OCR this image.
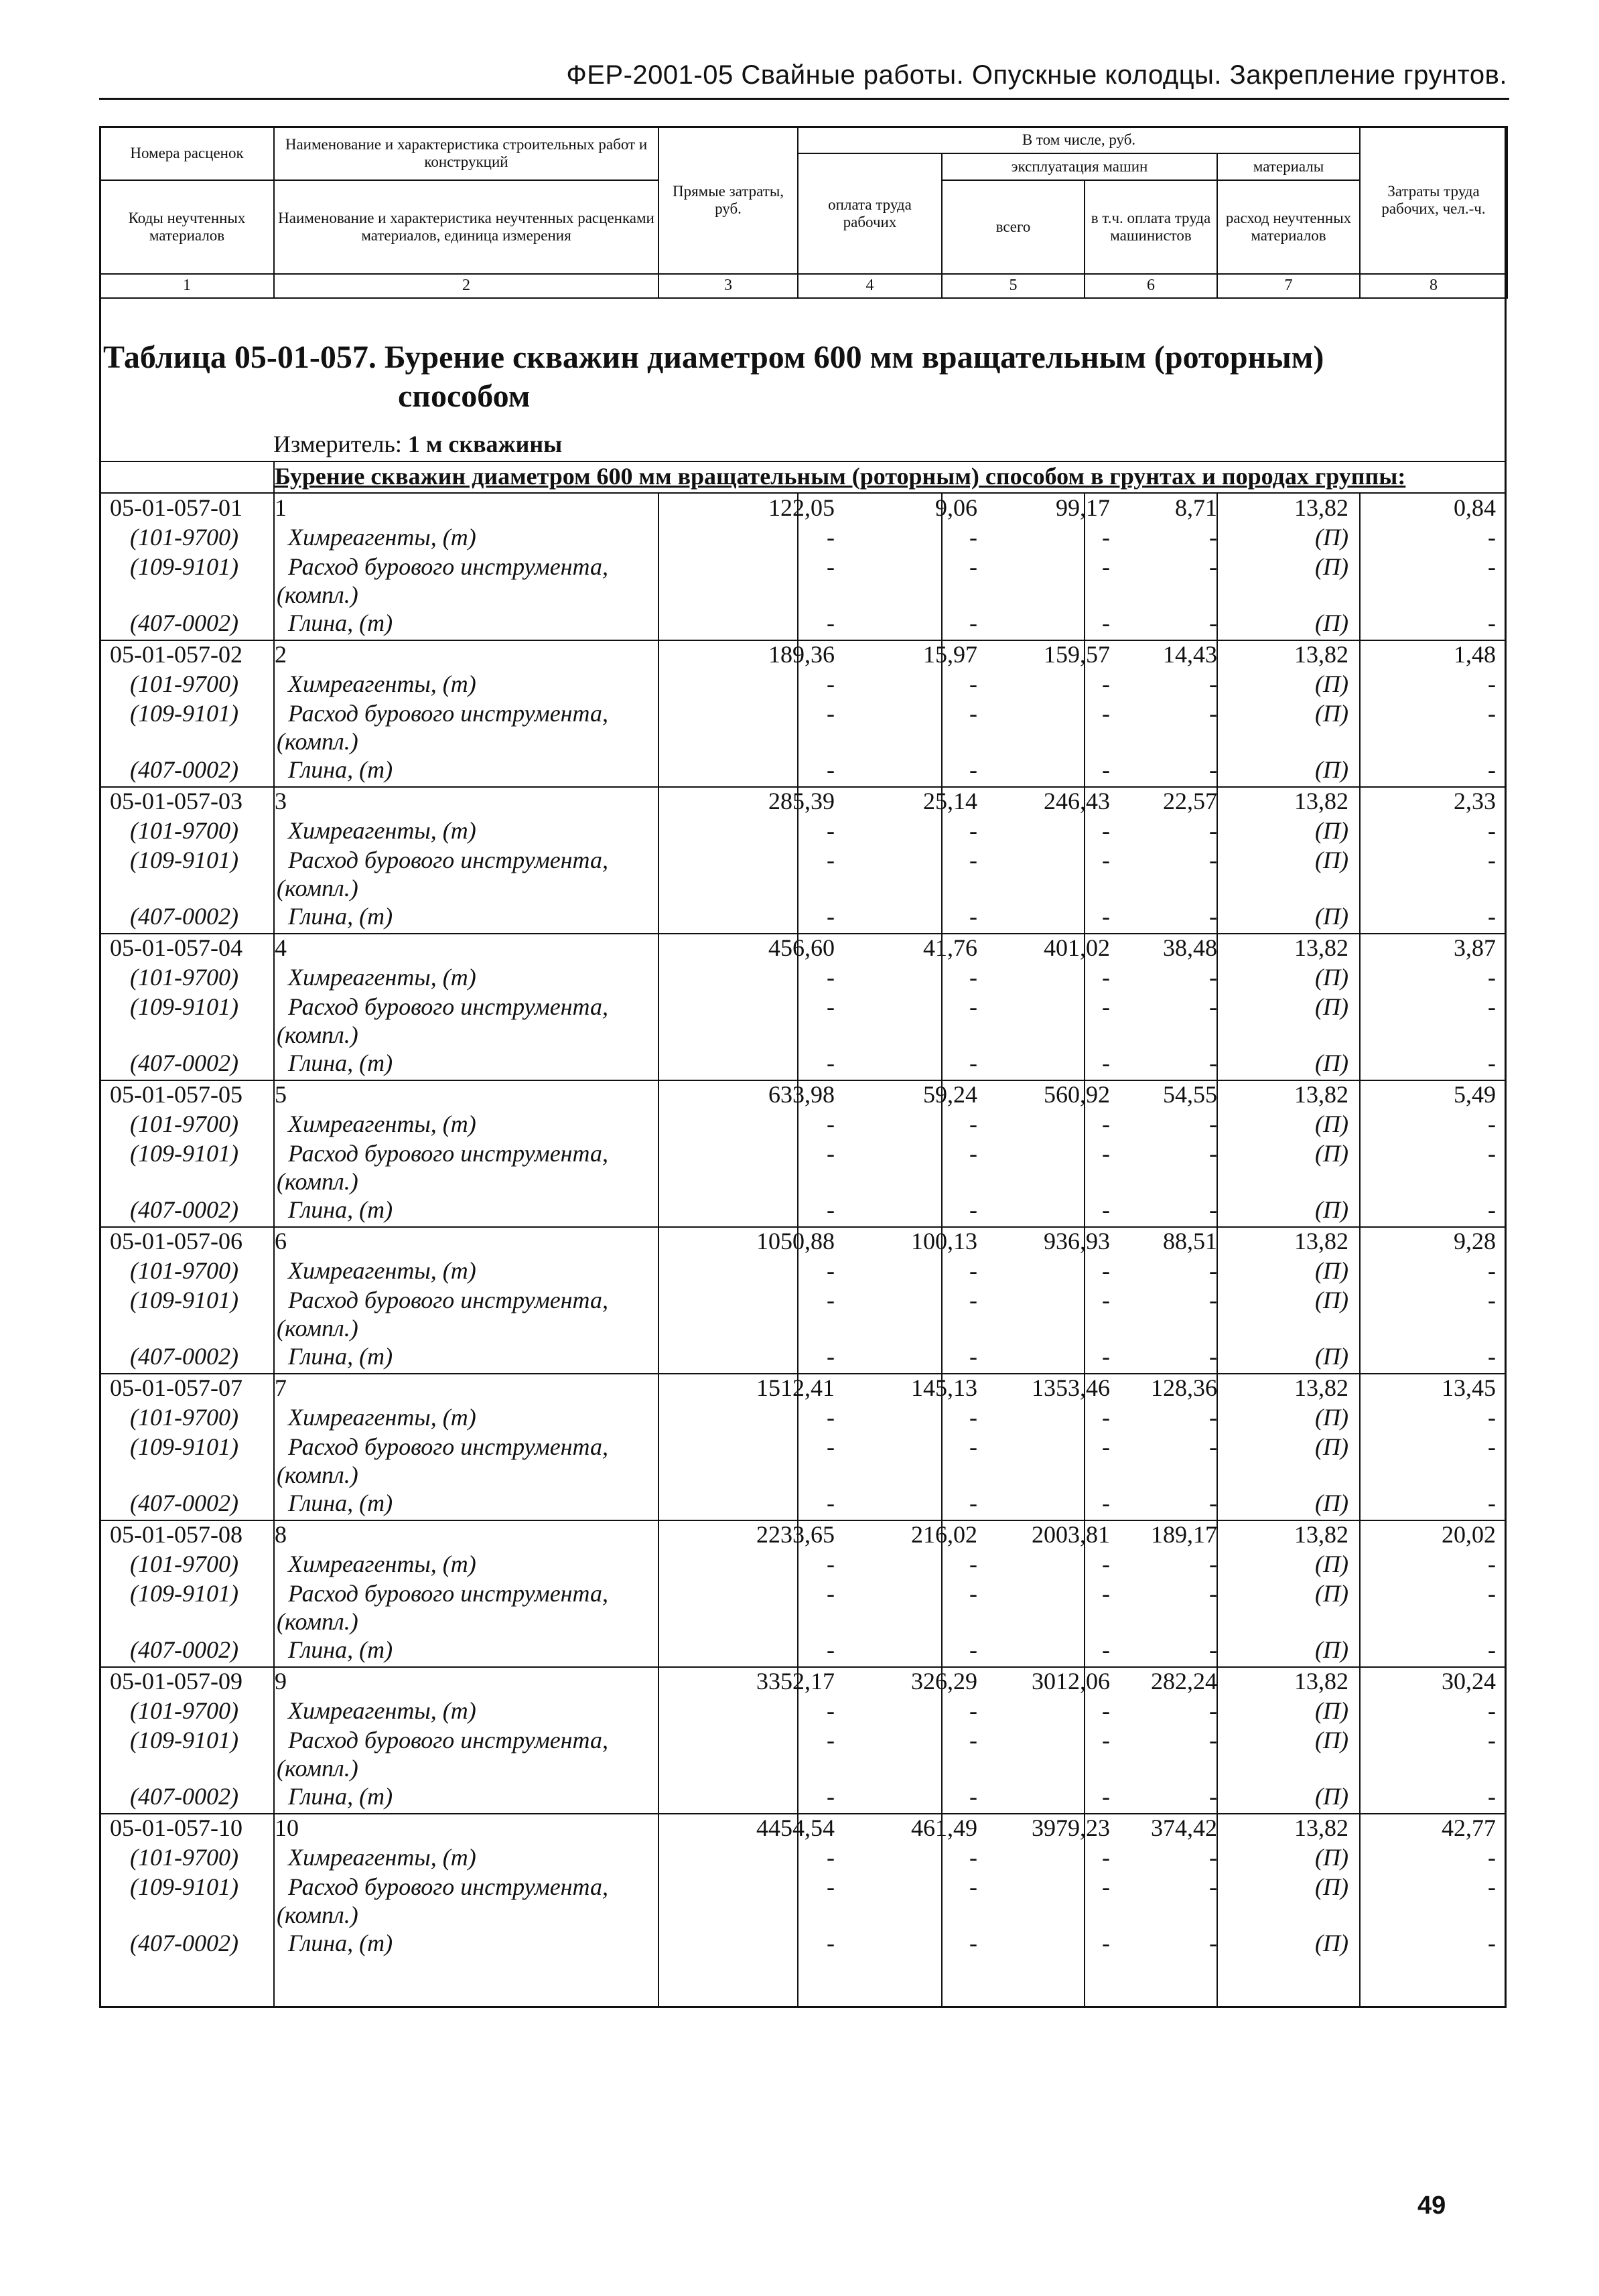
ФЕР-2001-05 Свайные работы. Опускные колодцы. Закрепление грунтов.
Номера расценок	Наименование и характеристика строительных работ и конструкций	Прямые затраты, руб.	В том числе, руб.				Затраты труда рабочих, чел.-ч.
			оплата труда рабочих	эксплуатация машин		материалы	
Коды неучтенных материалов	Наименование и характеристика неучтенных расценками материалов, единица измерения			всего	в т.ч. оплата труда машинистов	расход неучтенных материалов	

1	2	3	4	5	6	7	8
Таблица 05-01-057. Бурение скважин диаметром 600 мм вращательным (роторным)
способом
Измеритель: 1 м скважины
Бурение скважин диаметром 600 мм вращательным (роторным) способом в грунтах и породах группы:
05-01-057-01 1	122,05	9,06	99,17	8,71	13,82	0,84
(101-9700) Химреагенты, (т)	-	-	-	-	(П)	-
(109-9101) Расход бурового инструмента,	-	-	-	-	(П)	-
(компл.)
(407-0002) Глина, (т)	-	-	-	-	(П)	-
05-01-057-02 2	189,36	15,97	159,57	14,43	13,82	1,48
(101-9700) Химреагенты, (т)	-	-	-	-	(П)	-
(109-9101) Расход бурового инструмента,	-	-	-	-	(П)	-
(компл.)
(407-0002) Глина, (т)	-	-	-	-	(П)	-
05-01-057-03 3	285,39	25,14	246,43	22,57	13,82	2,33
(101-9700) Химреагенты, (т)	-	-	-	-	(П)	-
(109-9101) Расход бурового инструмента,	-	-	-	-	(П)	-
(компл.)
(407-0002) Глина, (т)	-	-	-	-	(П)	-
05-01-057-04 4	456,60	41,76	401,02	38,48	13,82	3,87
(101-9700) Химреагенты, (т)	-	-	-	-	(П)	-
(109-9101) Расход бурового инструмента,	-	-	-	-	(П)	-
(компл.)
(407-0002) Глина, (т)	-	-	-	-	(П)	-
05-01-057-05 5	633,98	59,24	560,92	54,55	13,82	5,49
(101-9700) Химреагенты, (т)	-	-	-	-	(П)	-
(109-9101) Расход бурового инструмента,	-	-	-	-	(П)	-
(компл.)
(407-0002) Глина, (т)	-	-	-	-	(П)	-
05-01-057-06 6	1050,88	100,13	936,93	88,51	13,82	9,28
(101-9700) Химреагенты, (т)	-	-	-	-	(П)	-
(109-9101) Расход бурового инструмента,	-	-	-	-	(П)	-
(компл.)
(407-0002) Глина, (т)	-	-	-	-	(П)	-
05-01-057-07 7	1512,41	145,13	1353,46	128,36	13,82	13,45
(101-9700) Химреагенты, (т)	-	-	-	-	(П)	-
(109-9101) Расход бурового инструмента,	-	-	-	-	(П)	-
(компл.)
(407-0002) Глина, (т)	-	-	-	-	(П)	-
05-01-057-08 8	2233,65	216,02	2003,81	189,17	13,82	20,02
(101-9700) Химреагенты, (т)	-	-	-	-	(П)	-
(109-9101) Расход бурового инструмента,	-	-	-	-	(П)	-
(компл.)
(407-0002) Глина, (т)	-	-	-	-	(П)	-
05-01-057-09 9	3352,17	326,29	3012,06	282,24	13,82	30,24
(101-9700) Химреагенты, (т)	-	-	-	-	(П)	-
(109-9101) Расход бурового инструмента,	-	-	-	-	(П)	-
(компл.)
(407-0002) Глина, (т)	-	-	-	-	(П)	-
05-01-057-10 10	4454,54	461,49	3979,23	374,42	13,82	42,77
(101-9700) Химреагенты, (т)	-	-	-	-	(П)	-
(109-9101) Расход бурового инструмента,	-	-	-	-	(П)	-
(компл.)
(407-0002) Глина, (т)	-	-	-	-	(П)	-
49
